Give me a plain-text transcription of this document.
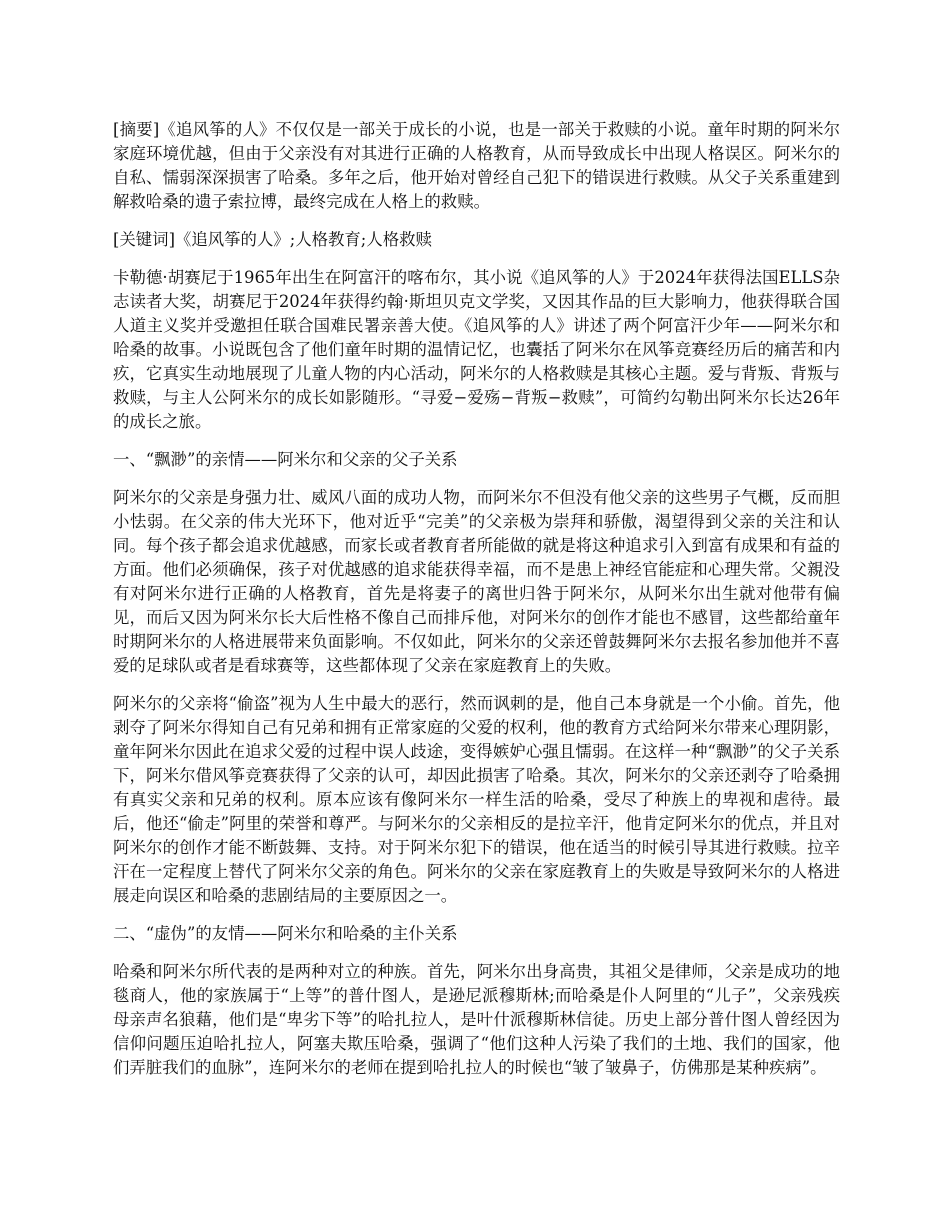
[摘要]《追风筝的人》不仅仅是一部关于成长的小说，也是一部关于救赎的小说。童年时期的阿米尔家庭环境优越，但由于父亲没有对其进行正确的人格教育，从而导致成长中出现人格误区。阿米尔的自私、懦弱深深损害了哈桑。多年之后，他开始对曾经自己犯下的错误进行救赎。从父子关系重建到解救哈桑的遗子索拉博，最终完成在人格上的救赎。

[关键词]《追风筝的人》;人格教育;人格救赎

卡勒德·胡赛尼于1965年出生在阿富汗的喀布尔，其小说《追风筝的人》于2024年获得法国ELLS杂志读者大奖，胡赛尼于2024年获得约翰·斯坦贝克文学奖，又因其作品的巨大影响力，他获得联合国人道主义奖并受邀担任联合国难民署亲善大使。《追风筝的人》讲述了两个阿富汗少年——阿米尔和哈桑的故事。小说既包含了他们童年时期的温情记忆，也囊括了阿米尔在风筝竞赛经历后的痛苦和内疚，它真实生动地展现了儿童人物的内心活动，阿米尔的人格救赎是其核心主题。爱与背叛、背叛与救赎，与主人公阿米尔的成长如影随形。“寻爱−爱殇−背叛−救赎”，可简约勾勒出阿米尔长达26年的成长之旅。

一、“飘渺”的亲情——阿米尔和父亲的父子关系

阿米尔的父亲是身强力壮、威风八面的成功人物，而阿米尔不但没有他父亲的这些男子气概，反而胆小怯弱。在父亲的伟大光环下，他对近乎“完美”的父亲极为崇拜和骄傲，渴望得到父亲的关注和认同。每个孩子都会追求优越感，而家长或者教育者所能做的就是将这种追求引入到富有成果和有益的方面。他们必须确保，孩子对优越感的追求能获得幸福，而不是患上神经官能症和心理失常。父親没有对阿米尔进行正确的人格教育，首先是将妻子的离世归咎于阿米尔，从阿米尔出生就对他带有偏见，而后又因为阿米尔长大后性格不像自己而排斥他，对阿米尔的创作才能也不感冒，这些都给童年时期阿米尔的人格进展带来负面影响。不仅如此，阿米尔的父亲还曾鼓舞阿米尔去报名参加他并不喜爱的足球队或者是看球赛等，这些都体现了父亲在家庭教育上的失败。

阿米尔的父亲将“偷盗”视为人生中最大的恶行，然而讽刺的是，他自己本身就是一个小偷。首先，他剥夺了阿米尔得知自己有兄弟和拥有正常家庭的父爱的权利，他的教育方式给阿米尔带来心理阴影，童年阿米尔因此在追求父爱的过程中误人歧途，变得嫉妒心强且懦弱。在这样一种“飘渺”的父子关系下，阿米尔借风筝竞赛获得了父亲的认可，却因此损害了哈桑。其次，阿米尔的父亲还剥夺了哈桑拥有真实父亲和兄弟的权利。原本应该有像阿米尔一样生活的哈桑，受尽了种族上的卑视和虐待。最后，他还“偷走”阿里的荣誉和尊严。与阿米尔的父亲相反的是拉辛汗，他肯定阿米尔的优点，并且对阿米尔的创作才能不断鼓舞、支持。对于阿米尔犯下的错误，他在适当的时候引导其进行救赎。拉辛汗在一定程度上替代了阿米尔父亲的角色。阿米尔的父亲在家庭教育上的失败是导致阿米尔的人格进展走向误区和哈桑的悲剧结局的主要原因之一。

二、“虚伪”的友情——阿米尔和哈桑的主仆关系

哈桑和阿米尔所代表的是两种对立的种族。首先，阿米尔出身高贵，其祖父是律师，父亲是成功的地毯商人，他的家族属于“上等”的普什图人，是逊尼派穆斯林;而哈桑是仆人阿里的“儿子”，父亲残疾母亲声名狼藉，他们是“卑劣下等”的哈扎拉人，是叶什派穆斯林信徒。历史上部分普什图人曾经因为信仰问题压迫哈扎拉人，阿塞夫欺压哈桑，强调了“他们这种人污染了我们的土地、我们的国家，他们弄脏我们的血脉”，连阿米尔的老师在提到哈扎拉人的时候也“皱了皱鼻子，仿佛那是某种疾病”。
